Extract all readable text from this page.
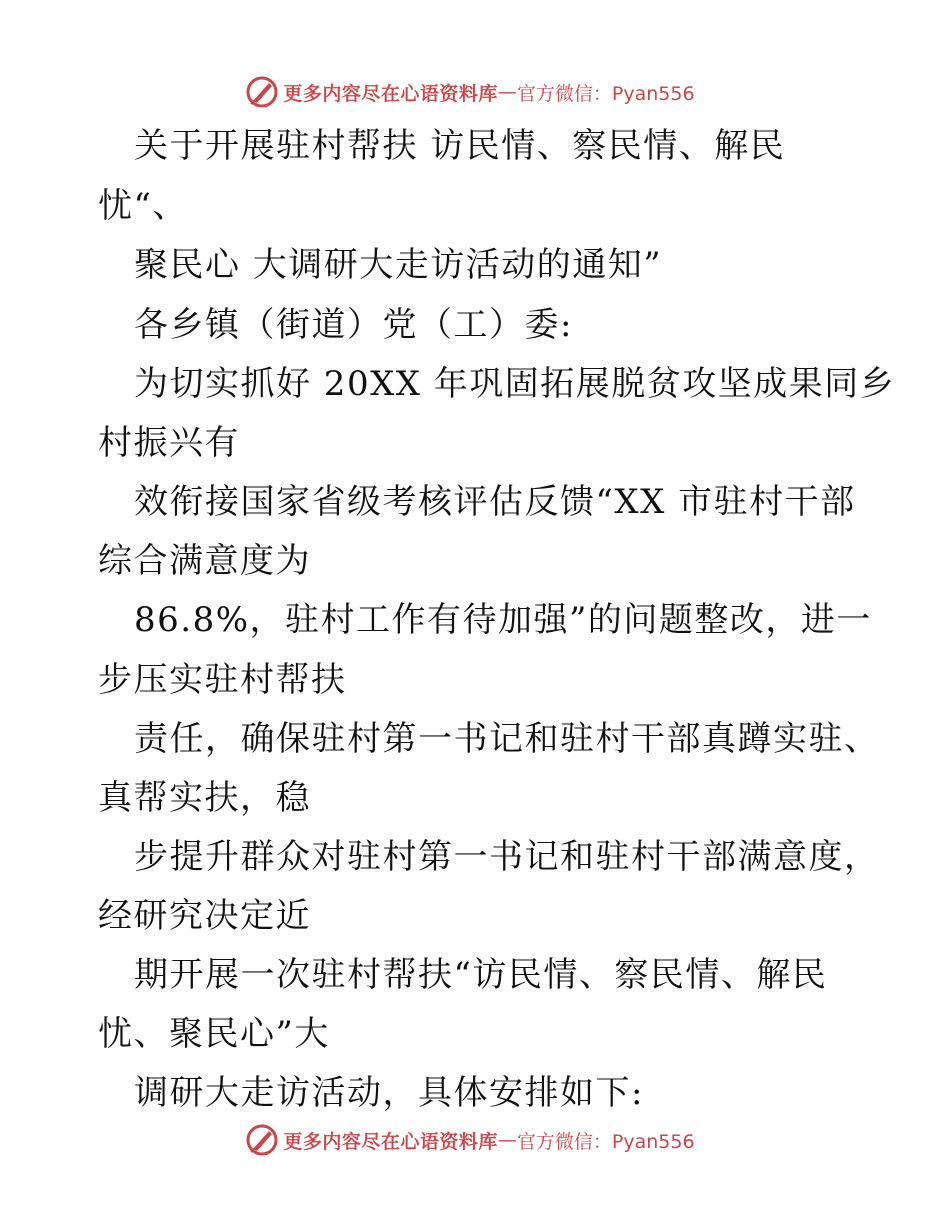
更多内容尽在心语资料库 — 官方微信：Pyan556
关于开展驻村帮扶 访民情、察民情、解民
忧“、
聚民心 大调研大走访活动的通知”
各乡镇（街道）党（工）委:
为切实抓好 20XX 年巩固拓展脱贫攻坚成果同乡
村振兴有
效衔接国家省级考核评估反馈“XX 市驻村干部
综合满意度为
86.8%，驻村工作有待加强”的问题整改，进一
步压实驻村帮扶
责任，确保驻村第一书记和驻村干部真蹲实驻、
真帮实扶，稳
步提升群众对驻村第一书记和驻村干部满意度，
经研究决定近
期开展一次驻村帮扶“访民情、察民情、解民
忧、聚民心”大
调研大走访活动，具体安排如下:
更多内容尽在心语资料库 — 官方微信：Pyan556
